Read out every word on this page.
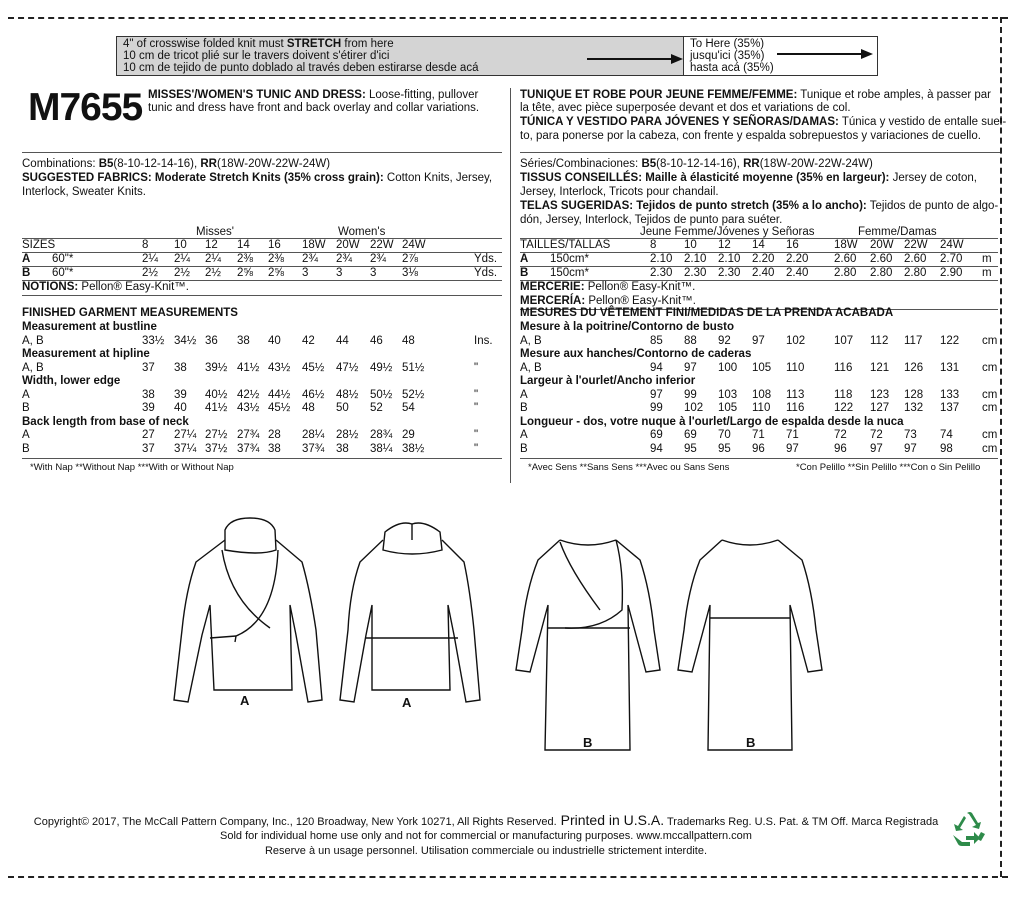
4" of crosswise folded knit must STRETCH from here
10 cm de tricot plié sur le travers doivent s'étirer d'ici
10 cm de tejido de punto doblado al través deben estirarse desde acá
To Here (35%)
jusqu'ici (35%)
hasta acá (35%)
M7655 MISSES'/WOMEN'S TUNIC AND DRESS: Loose-fitting, pullover
tunic and dress have front and back overlay and collar variations.
Combinations: B5(8-10-12-14-16), RR(18W-20W-22W-24W)
SUGGESTED FABRICS: Moderate Stretch Knits (35% cross grain): Cotton Knits, Jersey,
Interlock, Sweater Knits.
TUNIQUE ET ROBE POUR JEUNE FEMME/FEMME: Tunique et robe amples, à passer par
la tête, avec pièce superposée devant et dos et variations de col.
TÚNICA Y VESTIDO PARA JÓVENES Y SEÑORAS/DAMAS: Túnica y vestido de entalle suel-
to, para ponerse por la cabeza, con frente y espalda sobrepuestos y variaciones de cuello.
Séries/Combinaciones: B5(8-10-12-14-16), RR(18W-20W-22W-24W)
TISSUS CONSEILLÉS: Maille à élasticité moyenne (35% en largeur): Jersey de coton,
Jersey, Interlock, Tricots pour chandail.
TELAS SUGERIDAS: Tejidos de punto stretch (35% a lo ancho): Tejidos de punto de algo-
dón, Jersey, Interlock, Tejidos de punto para suéter.
Misses'	Women's
SIZES	8 10 12 14 16 18W 20W 22W 24W
A 60"*	2¼ 2¼ 2¼ 2⅜ 2⅜ 2¾ 2¾ 2¾ 2⅞	Yds.
B 60"*	2½ 2½ 2½ 2⅝ 2⅝ 3 3 3 3⅛	Yds.
NOTIONS: Pellon® Easy-Knit™.
FINISHED GARMENT MEASUREMENTS
Measurement at bustline
A, B	33½ 34½ 36 38 40 42 44 46 48	Ins.
Measurement at hipline
A, B	37 38 39½ 41½ 43½ 45½ 47½ 49½ 51½	"
Width, lower edge
A	38 39 40½ 42½ 44½ 46½ 48½ 50½ 52½	"
B	39 40 41½ 43½ 45½ 48 50 52 54	"
Back length from base of neck
A	27 27¼ 27½ 27¾ 28 28¼ 28½ 28¾ 29	"
B	37 37¼ 37½ 37¾ 38 37¾ 38 38¼ 38½	"
*With Nap **Without Nap ***With or Without Nap
Jeune Femme/Jóvenes y Señoras	Femme/Damas
TAILLES/TALLAS	8 10 12 14 16	18W 20W 22W 24W
A 150cm*	2.10 2.10 2.10 2.20 2.20 2.60 2.60 2.60 2.70 m
B 150cm*	2.30 2.30 2.30 2.40 2.40 2.80 2.80 2.80 2.90 m
MERCERIE: Pellon® Easy-Knit™.
MERCERÍA: Pellon® Easy-Knit™.
MESURES DU VÊTEMENT FINI/MEDIDAS DE LA PRENDA ACABADA
Mesure à la poitrine/Contorno de busto
A, B	85 88 92 97 102	107 112 117 122 cm
Mesure aux hanches/Contorno de caderas
A, B	94 97 100 105 110	116 121 126 131 cm
Largeur à l'ourlet/Ancho inferior
A	97 99 103 108 113	118 123 128 133 cm
B	99 102 105 110 116	122 127 132 137 cm
Longueur - dos, votre nuque à l'ourlet/Largo de espalda desde la nuca
A	69 69 70 71 71	72 72 73 74	cm
B	94 95 95 96 97	96 97 97 98	cm
*Avec Sens **Sans Sens ***Avec ou Sans Sens	*Con Pelillo **Sin Pelillo ***Con o Sin Pelillo
A	A
B	B
Copyright© 2017, The McCall Pattern Company, Inc., 120 Broadway, New York 10271, All Rights Reserved. Printed in U.S.A. Trademarks Reg. U.S. Pat. & TM Off. Marca Registrada
Sold for individual home use only and not for commercial or manufacturing purposes. www.mccallpattern.com
Reserve à un usage personnel. Utilisation commerciale ou industrielle strictement interdite.
